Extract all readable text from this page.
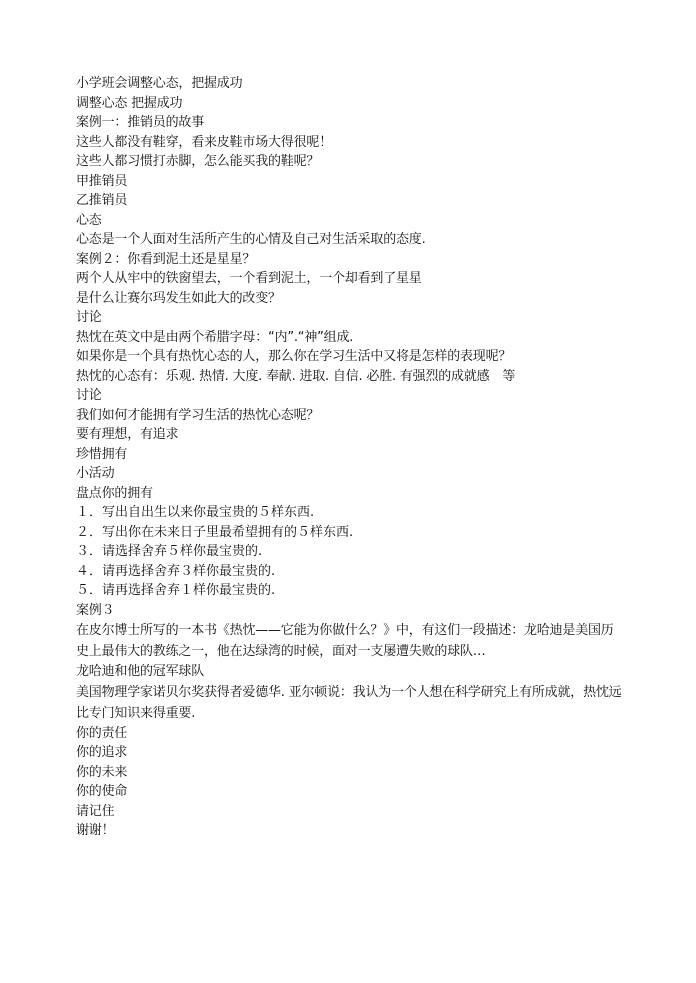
小学班会调整心态，把握成功
调整心态 把握成功
案例一：推销员的故事
这些人都没有鞋穿，看来皮鞋市场大得很呢！
这些人都习惯打赤脚，怎么能买我的鞋呢？
甲推销员
乙推销员
心态
心态是一个人面对生活所产生的心情及自己对生活采取的态度.
案例２：你看到泥土还是星星？
两个人从牢中的铁窗望去，一个看到泥土，一个却看到了星星
是什么让赛尔玛发生如此大的改变？
讨论
热忱在英文中是由两个希腊字母：“内”.“神”组成.
如果你是一个具有热忱心态的人，那么你在学习生活中又将是怎样的表现呢？
热忱的心态有：乐观. 热情. 大度. 奉献. 进取. 自信. 必胜. 有强烈的成就感　等
讨论
我们如何才能拥有学习生活的热忱心态呢？
要有理想，有追求
珍惜拥有
小活动
盘点你的拥有
１．写出自出生以来你最宝贵的５样东西.
２．写出你在未来日子里最希望拥有的５样东西.
３．请选择舍弃５样你最宝贵的.
４．请再选择舍弃３样你最宝贵的.
５．请再选择舍弃１样你最宝贵的.
案例３
在皮尔博士所写的一本书《热忱——它能为你做什么？》中，有这们一段描述：龙哈迪是美国历史上最伟大的教练之一，他在达绿湾的时候，面对一支屡遭失败的球队…
龙哈迪和他的冠军球队
美国物理学家诺贝尔奖获得者爱德华. 亚尔顿说：我认为一个人想在科学研究上有所成就，热忱远比专门知识来得重要.
你的责任
你的追求
你的未来
你的使命
请记住
谢谢！
